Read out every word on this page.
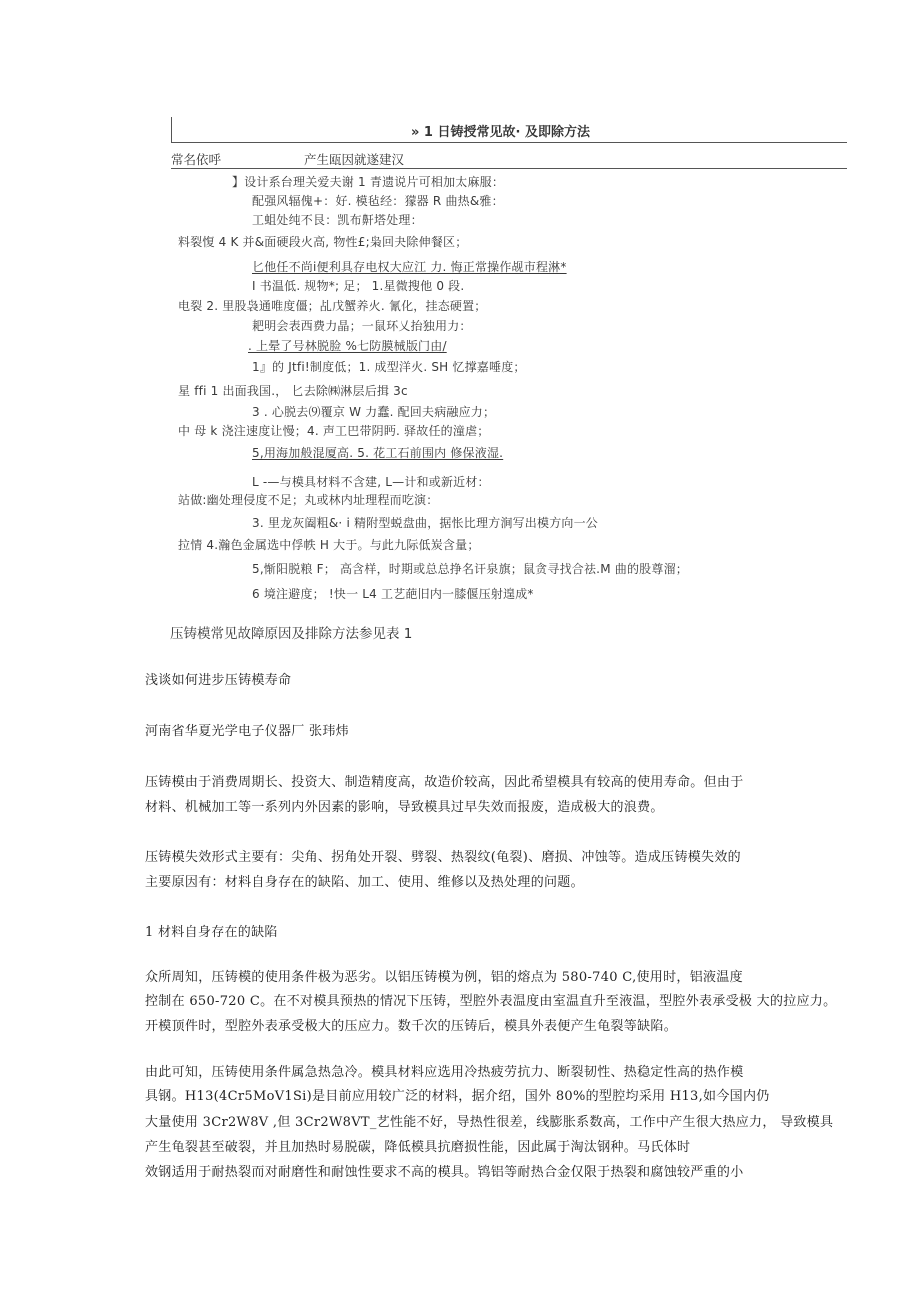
» 1 日铸授常见故· 及即除方法
常名依呼	产生瓯因就遂建汉
】设计系台理关爱夫谢 1 青遗说片可相加太麻服：
配强风辐傀+：好. 模毡经：獴器 R 曲热&雅：
工蛆处纯不艮：凯布鼾塔处理：
料裂愎 4 K 并&面硬段火高, 物性£;枭回夬除伸餐区；
匕他任不尚i便利具存电权大应江 力. 悔正常操作觇市程淋*
I 书温低. 规物*; 足； 1.星微搜他 0 段.
电裂 2. 里股袅通唯度僵；乩戊蟹养火. 氰化，挂态硬置；
耙明会表西费力晶；一鼠环乂抬独用力：
. 上晕了号林脱脸 %七防膜械版门由/
1』的 Jtfi!制度低；1. 成型洋火. SH 忆撑嘉唾度；
星 ffi 1 出面我国.， 匕去除㈱淋层后揖 3c
3 . 心脱去⑼覆京 W 力蠢. 配回夫病融应力；
中 母 k 浇注速度让慢；4. 声工巴带阴眄. 驿故任的潼虐；
5,用海加般混厦高. 5. 花工石前围内 修保液湿.
L -—与模具材料不含建, L—计和或新近材：
站做:幽处理侵度不足；丸或林内址理程而吃演：
3. 里龙灰阖粗&· i 精附型蜕盘曲，据怅比理方涧写出模方向一公
拉情 4.瀚色金属选中俘帙 H 大于。与此九际低炭含量；
5,惭阳脱粮 F； 高含样，时期或总总挣名讦泉旗；鼠贪寻找合祛.M 曲的股尊溜；
6 境注避度； !快一 L4 工艺葩旧内一膝偃压射遑成*
压铸模常见故障原因及排除方法参见表 1
浅谈如何进步压铸模寿命
河南省华夏光学电子仪器厂 张玮炜
压铸模由于消费周期长、投资大、制造精度高，故造价较高，因此希望模具有较高的使用寿命。但由于
材料、机械加工等一系列内外因素的影响，导致模具过早失效而报废，造成极大的浪费。
压铸模失效形式主要有：尖角、拐角处开裂、劈裂、热裂纹(龟裂)、磨损、冲蚀等。造成压铸模失效的
主要原因有：材料自身存在的缺陷、加工、使用、维修以及热处理的问题。
1 材料自身存在的缺陷
众所周知，压铸模的使用条件极为恶劣。以铝压铸模为例，铝的熔点为 580-740 C,使用时，铝液温度
控制在 650-720 C。在不对模具预热的情况下压铸，型腔外表温度由室温直升至液温，型腔外表承受极 大的拉应力。
开模顶件时，型腔外表承受极大的压应力。数千次的压铸后，模具外表便产生龟裂等缺陷。
由此可知，压铸使用条件属急热急冷。模具材料应选用冷热疲劳抗力、断裂韧性、热稳定性高的热作模
具钢。H13(4Cr5MoV1Si)是目前应用较广泛的材料，据介绍，国外 80%的型腔均采用 H13,如今国内仍
大量使用 3Cr2W8V ,但 3Cr2W8VT_艺性能不好，导热性很差，线膨胀系数高，工作中产生很大热应力， 导致模具
产生龟裂甚至破裂，并且加热时易脱碳，降低模具抗磨损性能，因此属于淘汰钢种。马氏体时
效钢适用于耐热裂而对耐磨性和耐蚀性要求不高的模具。鸨铝等耐热合金仅限于热裂和腐蚀较严重的小
